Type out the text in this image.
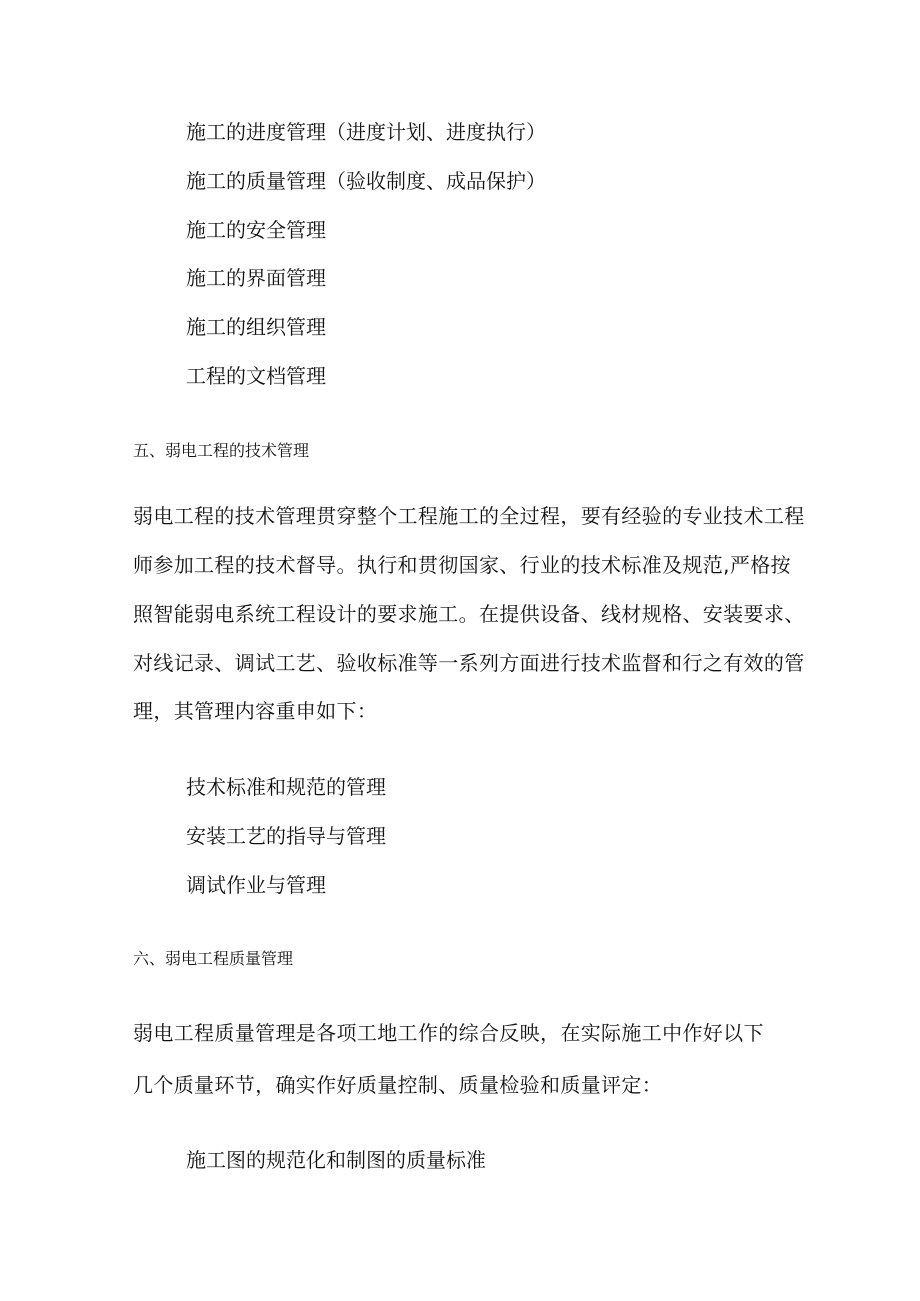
施工的进度管理（进度计划、进度执行）
施工的质量管理（验收制度、成品保护）
施工的安全管理
施工的界面管理
施工的组织管理
工程的文档管理
五、弱电工程的技术管理
弱电工程的技术管理贯穿整个工程施工的全过程，要有经验的专业技术工程
师参加工程的技术督导。执行和贯彻国家、行业的技术标准及规范,严格按
照智能弱电系统工程设计的要求施工。在提供设备、线材规格、安装要求、
对线记录、调试工艺、验收标准等一系列方面进行技术监督和行之有效的管
理，其管理内容重申如下：
技术标准和规范的管理
安装工艺的指导与管理
调试作业与管理
六、弱电工程质量管理
弱电工程质量管理是各项工地工作的综合反映，在实际施工中作好以下
几个质量环节，确实作好质量控制、质量检验和质量评定：
施工图的规范化和制图的质量标准
